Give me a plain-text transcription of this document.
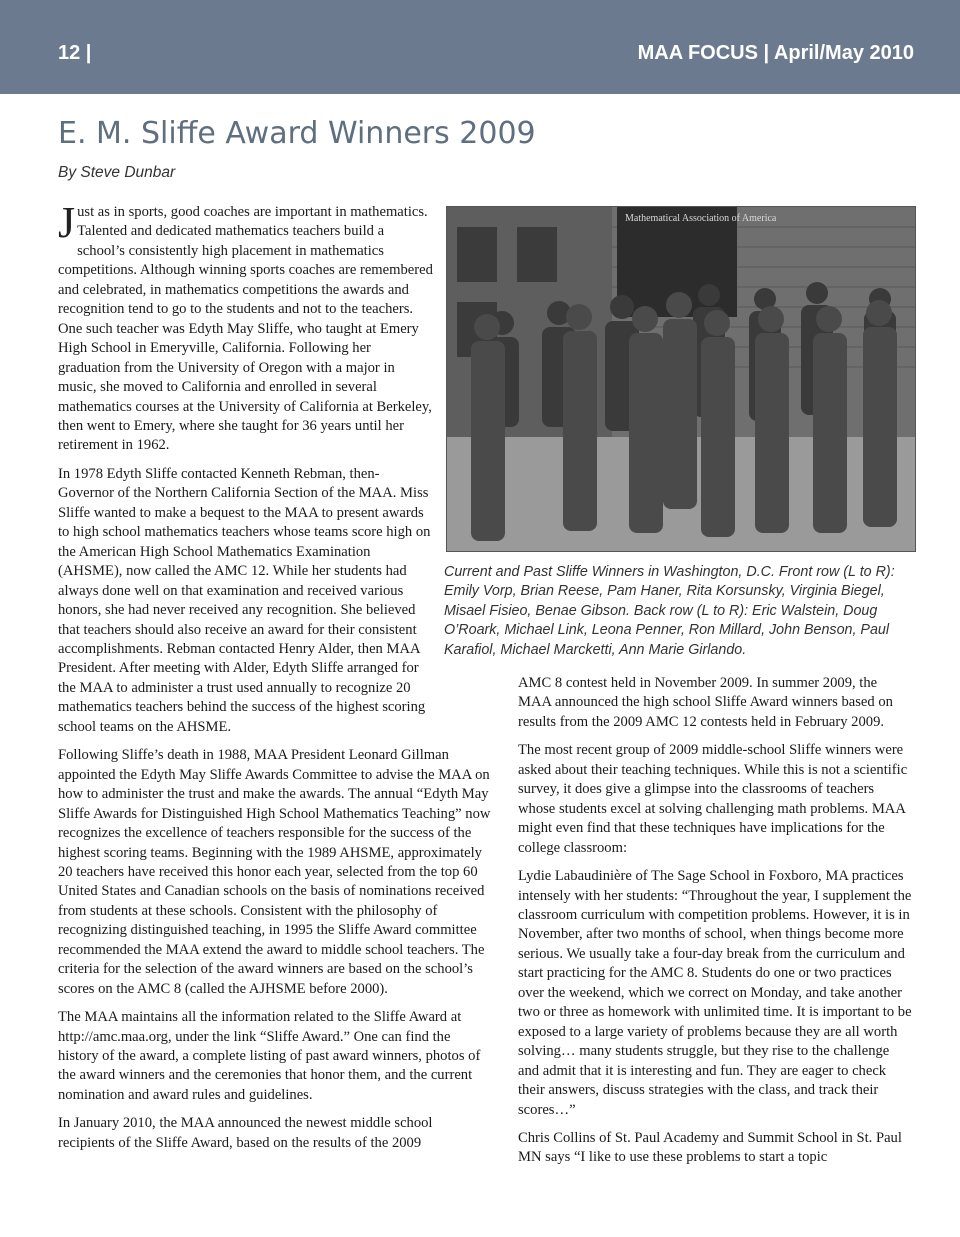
12 |	MAA FOCUS | April/May 2010
E. M. Sliffe Award Winners 2009
By Steve Dunbar

Just as in sports, good coaches are important in mathematics. Talented and dedicated mathematics teachers build a school’s consistently high placement in mathematics competitions. Although winning sports coaches are remembered and celebrated, in mathematics competitions the awards and recognition tend to go to the students and not to the teachers. One such teacher was Edyth May Sliffe, who taught at Emery High School in Emeryville, California. Following her graduation from the University of Oregon with a major in music, she moved to California and enrolled in several mathematics courses at the University of California at Berkeley, then went to Emery, where she taught for 36 years until her retirement in 1962.

In 1978 Edyth Sliffe contacted Kenneth Rebman, then-Governor of the Northern California Section of the MAA. Miss Sliffe wanted to make a bequest to the MAA to present awards to high school mathematics teachers whose teams score high on the American High School Mathematics Examination (AHSME), now called the AMC 12. While her students had always done well on that examination and received various honors, she had never received any recognition. She believed that teachers should also receive an award for their consistent accomplishments. Rebman contacted Henry Alder, then MAA President. After meeting with Alder, Edyth Sliffe arranged for the MAA to administer a trust used annually to recognize 20 mathematics teachers behind the success of the highest scoring school teams on the AHSME.

Following Sliffe’s death in 1988, MAA President Leonard Gillman appointed the Edyth May Sliffe Awards Committee to advise the MAA on how to administer the trust and make the awards. The annual “Edyth May Sliffe Awards for Distinguished High School Mathematics Teaching” now recognizes the excellence of teachers responsible for the success of the highest scoring teams. Beginning with the 1989 AHSME, approximately 20 teachers have received this honor each year, selected from the top 60 United States and Canadian schools on the basis of nominations received from students at these schools. Consistent with the philosophy of recognizing distinguished teaching, in 1995 the Sliffe Award committee recommended the MAA extend the award to middle school teachers. The criteria for the selection of the award winners are based on the school’s scores on the AMC 8 (called the AJHSME before 2000).

The MAA maintains all the information related to the Sliffe Award at http://amc.maa.org, under the link “Sliffe Award.” One can find the history of the award, a complete listing of past award winners, photos of the award winners and the ceremonies that honor them, and the current nomination and award rules and guidelines.

In January 2010, the MAA announced the newest middle school recipients of the Sliffe Award, based on the results of the 2009

Mathematical Association of America
Current and Past Sliffe Winners in Washington, D.C. Front row (L to R): Emily Vorp, Brian Reese, Pam Haner, Rita Korsunsky, Virginia Biegel, Misael Fisieo, Benae Gibson. Back row (L to R): Eric Walstein, Doug O’Roark, Michael Link, Leona Penner, Ron Millard, John Benson, Paul Karafiol, Michael Marcketti, Ann Marie Girlando.

AMC 8 contest held in November 2009. In summer 2009, the MAA announced the high school Sliffe Award winners based on results from the 2009 AMC 12 contests held in February 2009.

The most recent group of 2009 middle-school Sliffe winners were asked about their teaching techniques. While this is not a scientific survey, it does give a glimpse into the classrooms of teachers whose students excel at solving challenging math problems. MAA might even find that these techniques have implications for the college classroom:

Lydie Labaudinière of The Sage School in Foxboro, MA practices intensely with her students: “Throughout the year, I supplement the classroom curriculum with competition problems. However, it is in November, after two months of school, when things become more serious. We usually take a four-day break from the curriculum and start practicing for the AMC 8. Students do one or two practices over the weekend, which we correct on Monday, and take another two or three as homework with unlimited time. It is important to be exposed to a large variety of problems because they are all worth solving… many students struggle, but they rise to the challenge and admit that it is interesting and fun. They are eager to check their answers, discuss strategies with the class, and track their scores…”

Chris Collins of St. Paul Academy and Summit School in St. Paul MN says “I like to use these problems to start a topic
